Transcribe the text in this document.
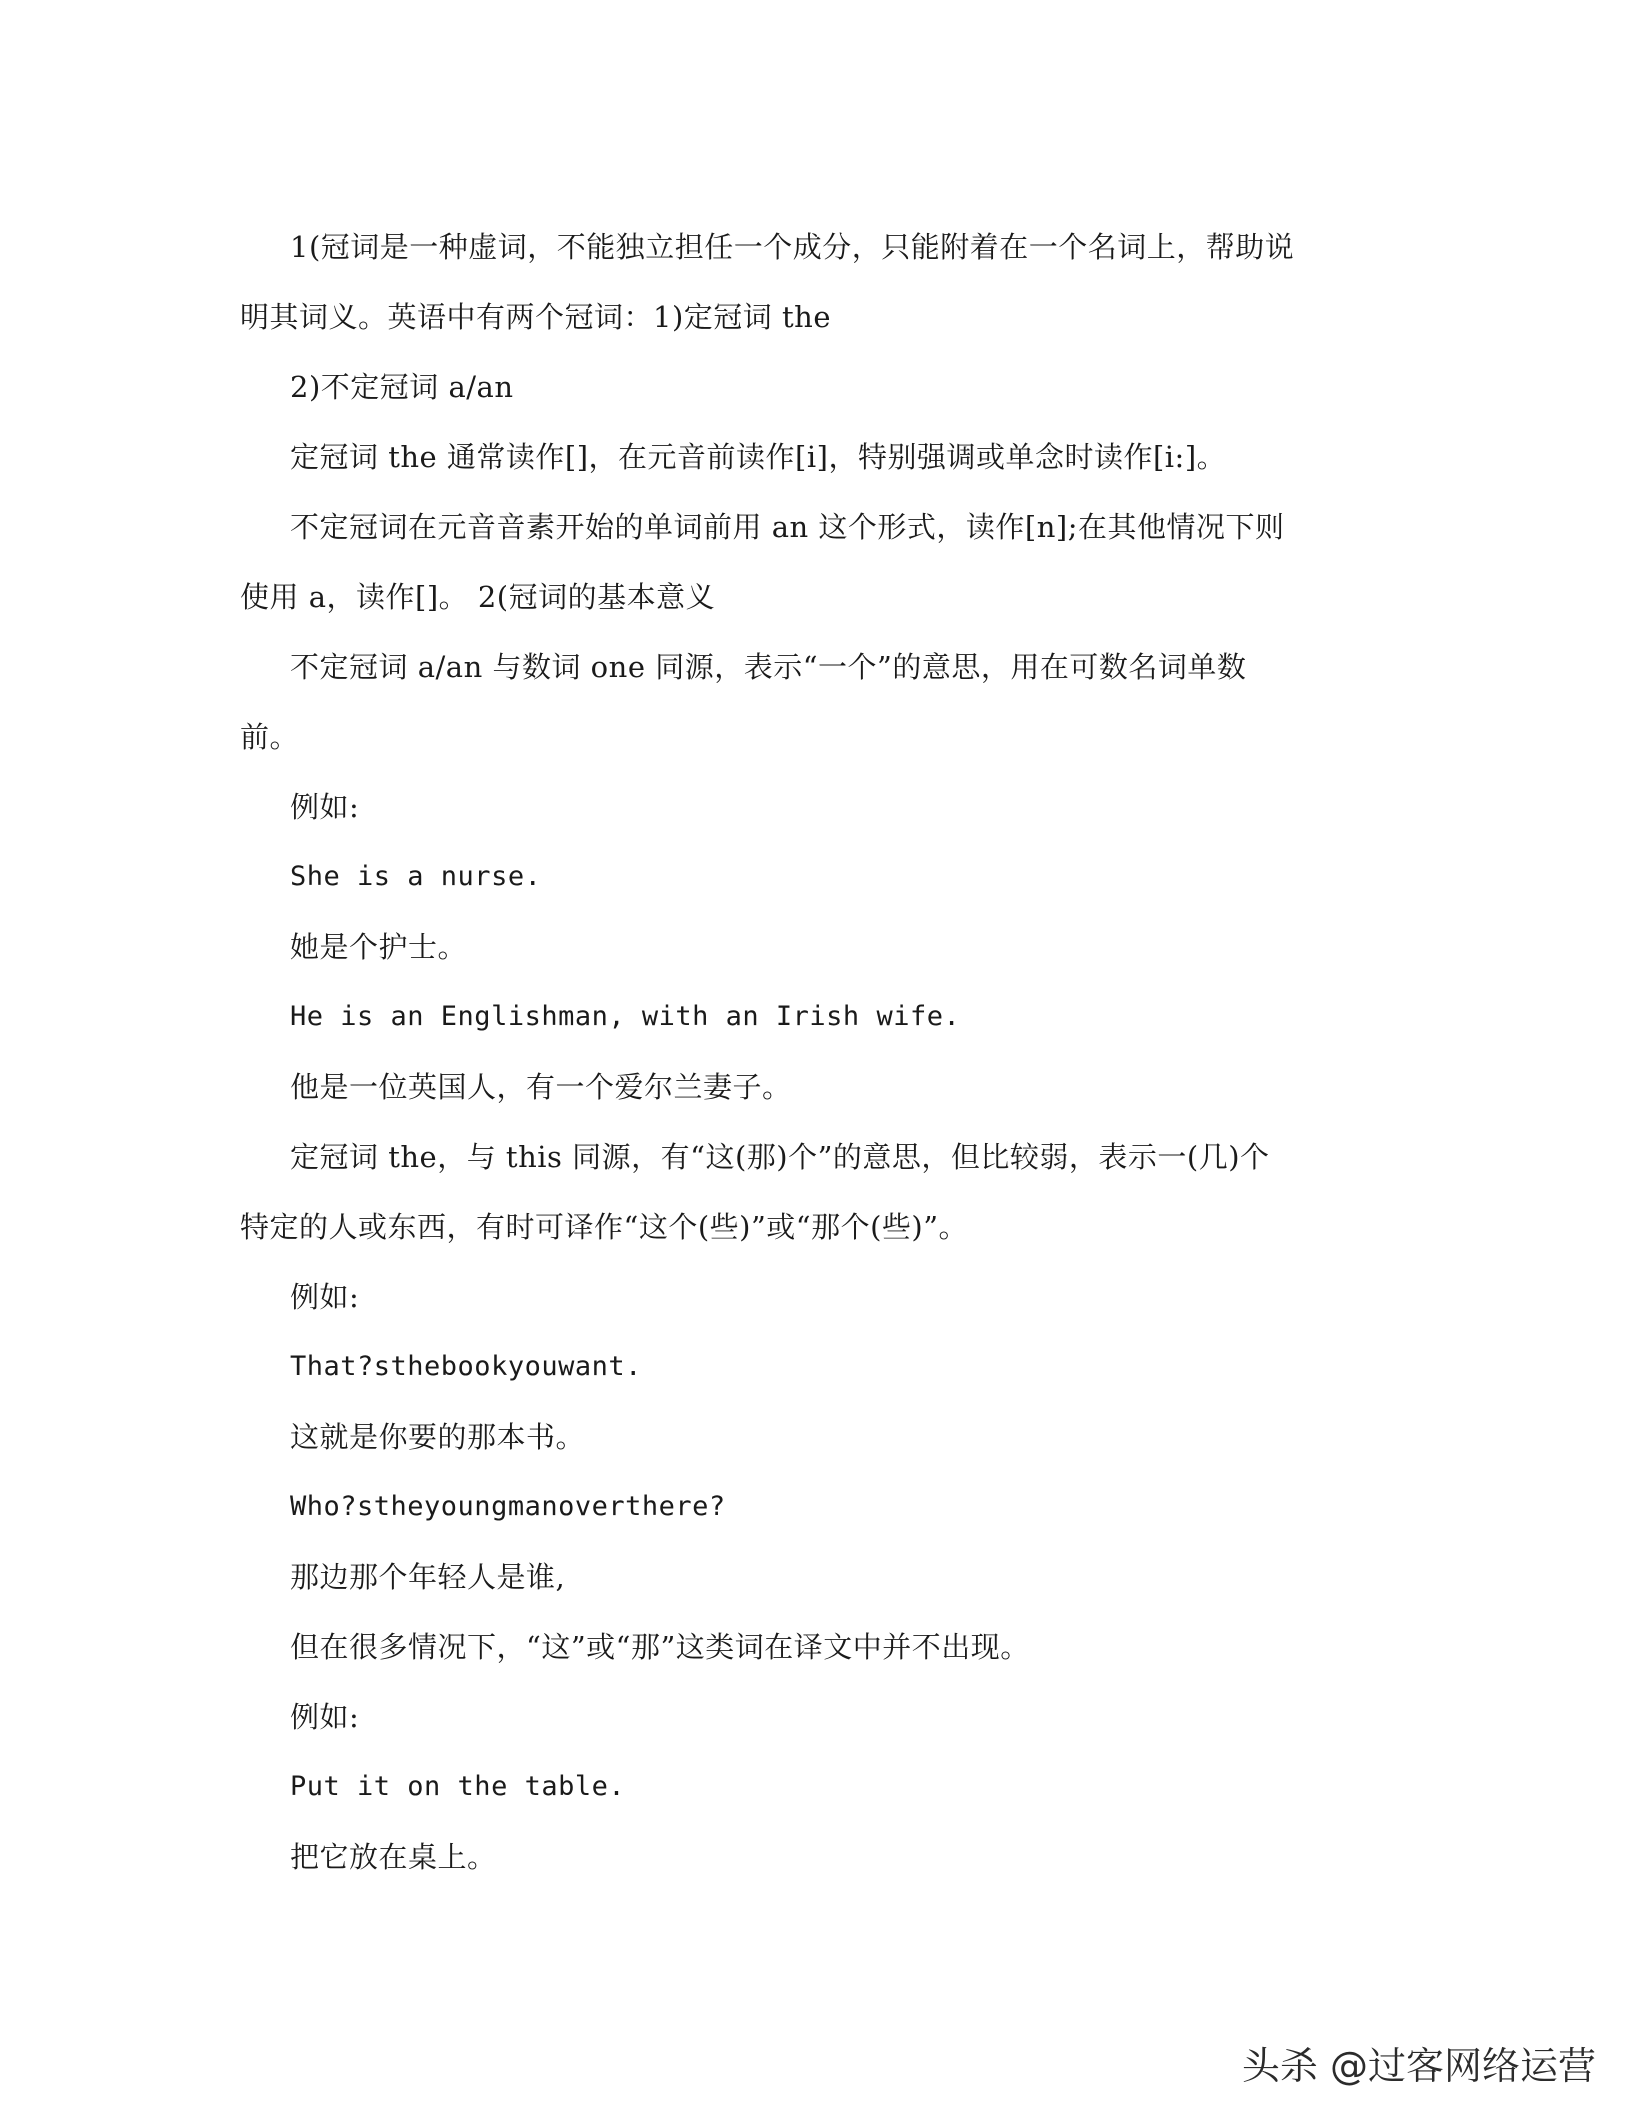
1(冠词是一种虚词，不能独立担任一个成分，只能附着在一个名词上，帮助说
明其词义。英语中有两个冠词：1)定冠词 the
2)不定冠词 a/an
定冠词 the 通常读作[]，在元音前读作[i]，特别强调或单念时读作[i:]。
不定冠词在元音音素开始的单词前用 an 这个形式，读作[n];在其他情况下则
使用 a，读作[]。 2(冠词的基本意义
不定冠词 a/an 与数词 one 同源，表示“一个”的意思，用在可数名词单数
前。
例如:
She is a nurse.
她是个护士。
He is an Englishman, with an Irish wife.
他是一位英国人，有一个爱尔兰妻子。
定冠词 the，与 this 同源，有“这(那)个”的意思，但比较弱，表示一(几)个
特定的人或东西，有时可译作“这个(些)”或“那个(些)”。
例如:
That?sthebookyouwant.
这就是你要的那本书。
Who?stheyoungmanoverthere?
那边那个年轻人是谁,
但在很多情况下，“这”或“那”这类词在译文中并不出现。
例如:
Put it on the table.
把它放在桌上。
头杀 @过客网络运营
